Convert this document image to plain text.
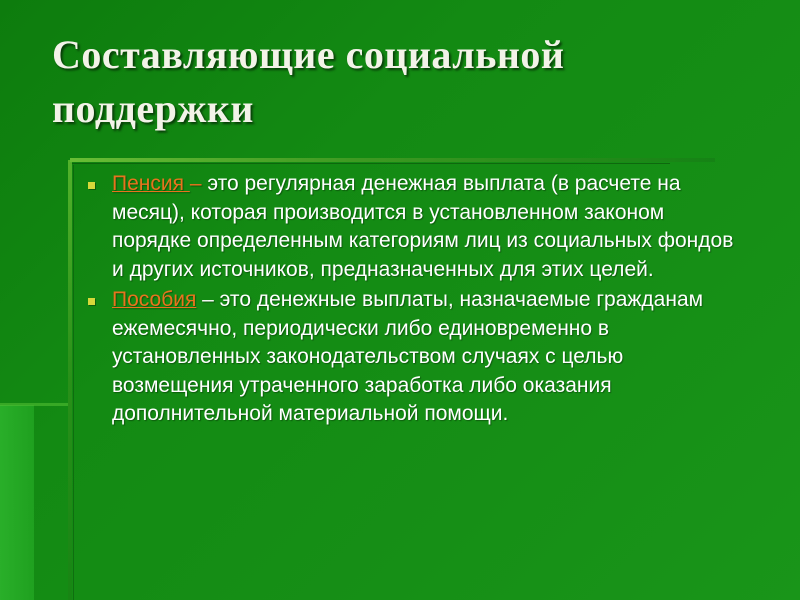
Составляющие социальной поддержки
Пенсия – это регулярная денежная выплата (в расчете на месяц), которая производится в установленном законом порядке определенным категориям лиц из социальных фондов и других источников, предназначенных для этих целей.
Пособия – это денежные выплаты, назначаемые гражданам ежемесячно, периодически либо единовременно в установленных законодательством случаях с целью возмещения утраченного заработка либо оказания дополнительной материальной помощи.
